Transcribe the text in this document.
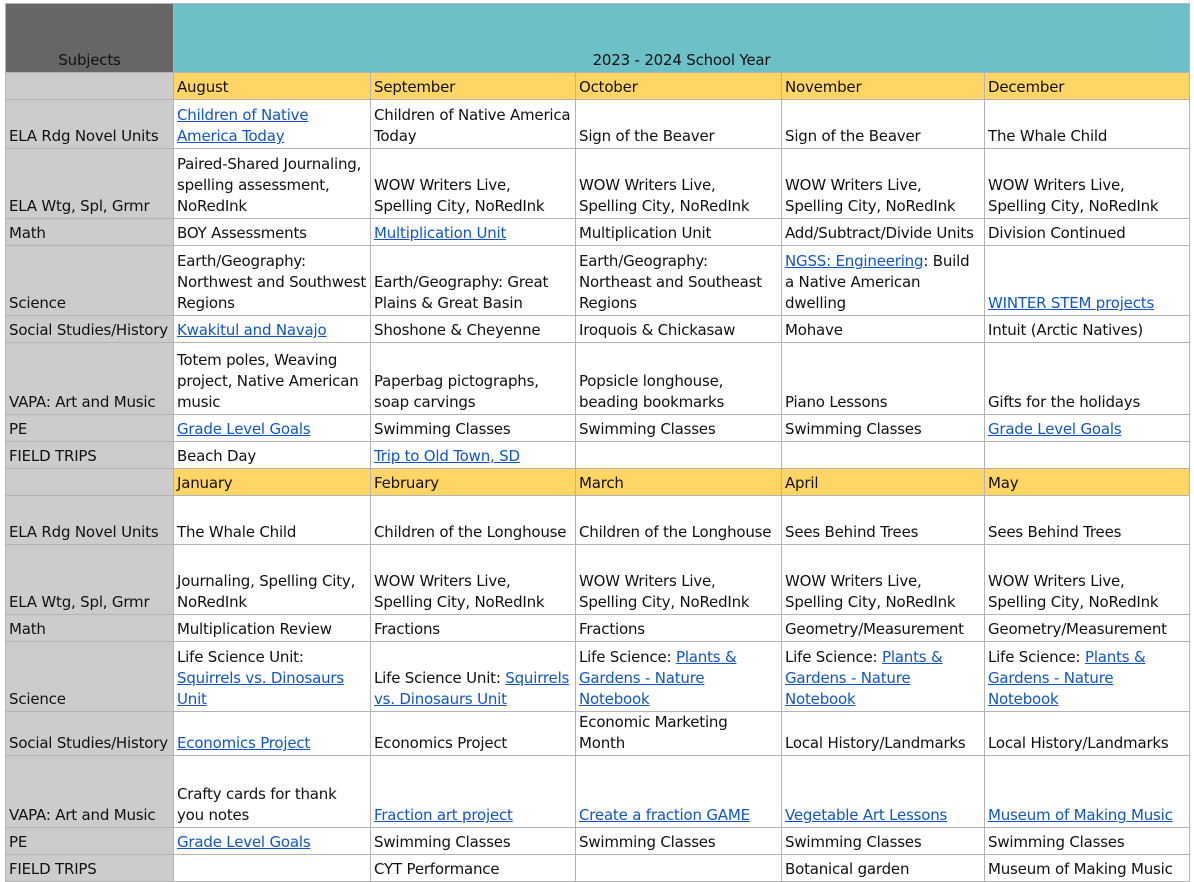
Subjects	2023 - 2024 School Year				
	August	September	October	November	December
ELA Rdg Novel Units	Children of Native America Today	Children of Native America Today	Sign of the Beaver	Sign of the Beaver	The Whale Child
ELA Wtg, Spl, Grmr	Paired-Shared Journaling, spelling assessment, NoRedInk	WOW Writers Live, Spelling City, NoRedInk	WOW Writers Live, Spelling City, NoRedInk	WOW Writers Live, Spelling City, NoRedInk	WOW Writers Live, Spelling City, NoRedInk
Math	BOY Assessments	Multiplication Unit	Multiplication Unit	Add/Subtract/Divide Units	Division Continued
Science	Earth/Geography: Northwest and Southwest Regions	Earth/Geography: Great Plains & Great Basin	Earth/Geography: Northeast and Southeast Regions	NGSS: Engineering: Build a Native American dwelling	WINTER STEM projects
Social Studies/History	Kwakitul and Navajo	Shoshone & Cheyenne	Iroquois & Chickasaw	Mohave	Intuit (Arctic Natives)
VAPA: Art and Music	Totem poles, Weaving project, Native American music	Paperbag pictographs, soap carvings	Popsicle longhouse, beading bookmarks	Piano Lessons	Gifts for the holidays
PE	Grade Level Goals	Swimming Classes	Swimming Classes	Swimming Classes	Grade Level Goals
FIELD TRIPS	Beach Day	Trip to Old Town, SD			
	January	February	March	April	May
ELA Rdg Novel Units	The Whale Child	Children of the Longhouse	Children of the Longhouse	Sees Behind Trees	Sees Behind Trees
ELA Wtg, Spl, Grmr	Journaling, Spelling City, NoRedInk	WOW Writers Live, Spelling City, NoRedInk	WOW Writers Live, Spelling City, NoRedInk	WOW Writers Live, Spelling City, NoRedInk	WOW Writers Live, Spelling City, NoRedInk
Math	Multiplication Review	Fractions	Fractions	Geometry/Measurement	Geometry/Measurement
Science	Life Science Unit: Squirrels vs. Dinosaurs Unit	Life Science Unit: Squirrels vs. Dinosaurs Unit	Life Science: Plants & Gardens - Nature Notebook	Life Science: Plants & Gardens - Nature Notebook	Life Science: Plants & Gardens - Nature Notebook
Social Studies/History	Economics Project	Economics Project	Economic Marketing Month	Local History/Landmarks	Local History/Landmarks
VAPA: Art and Music	Crafty cards for thank you notes	Fraction art project	Create a fraction GAME	Vegetable Art Lessons	Museum of Making Music
PE	Grade Level Goals	Swimming Classes	Swimming Classes	Swimming Classes	Swimming Classes
FIELD TRIPS		CYT Performance		Botanical garden	Museum of Making Music
